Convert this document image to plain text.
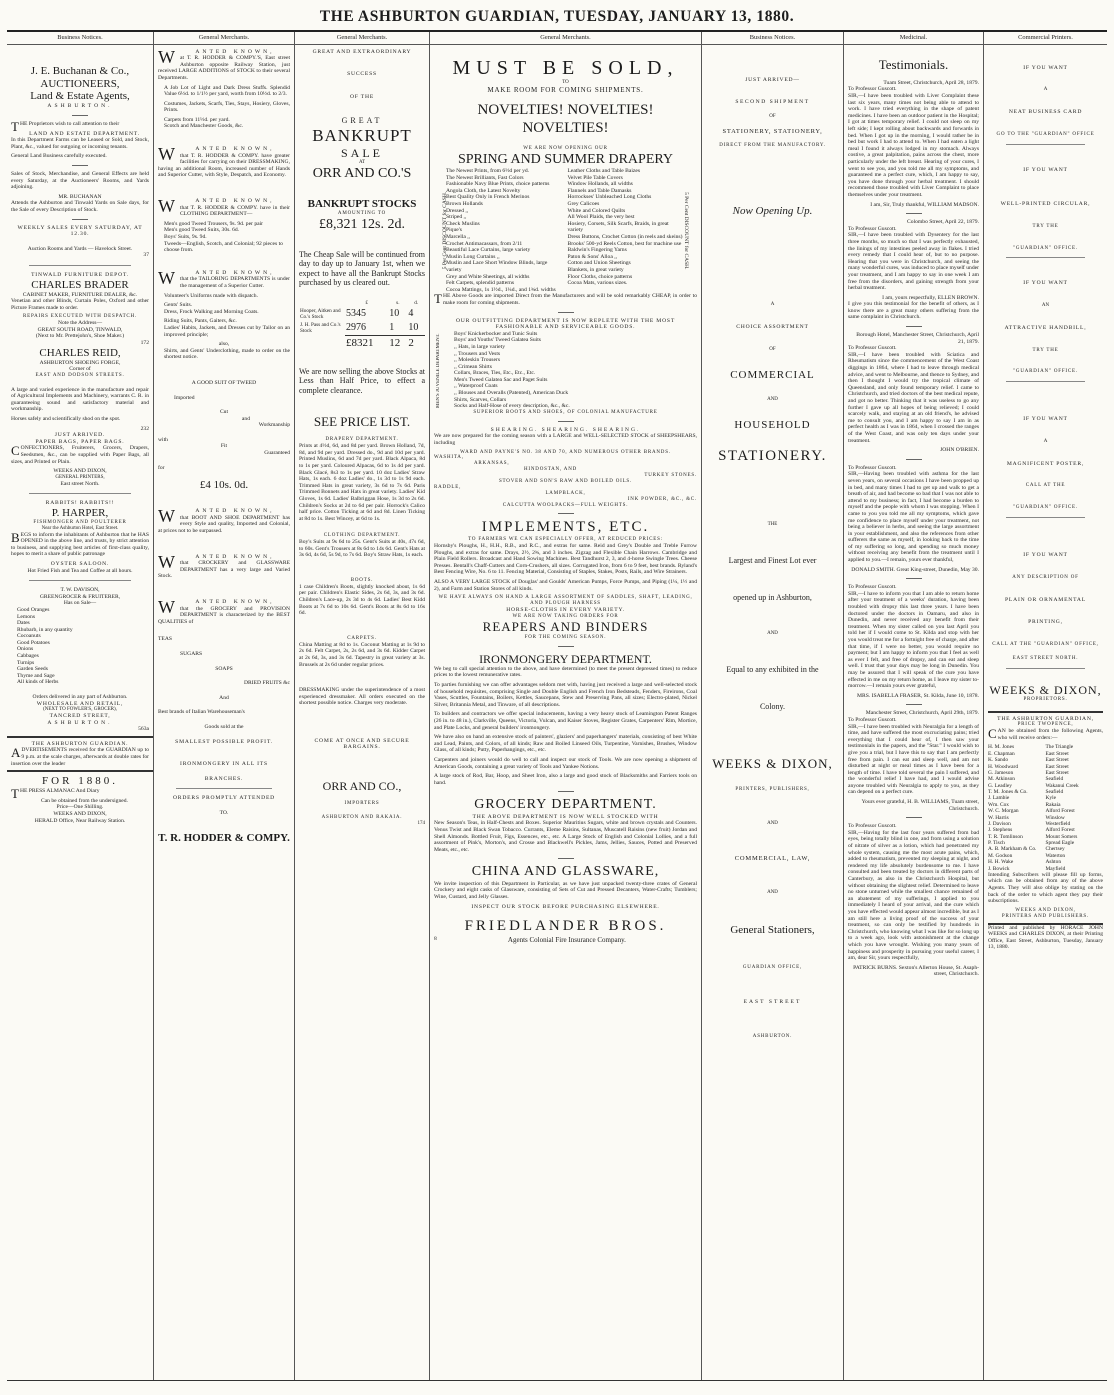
THE ASHBURTON GUARDIAN, TUESDAY, JANUARY 13, 1880.
Business Notices.
J. E. Buchanan & Co.,
AUCTIONEERS,
Land & Estate Agents,
ASHBURTON.

THE Proprietors wish to call attention to their

LAND AND ESTATE DEPARTMENT.

In this Department Farms can be Leased or Sold, and Stock, Plant, &c., valued for outgoing or incoming tenants.

General Land Business carefully executed.

Sales of Stock, Merchandise, and General Effects are held every Saturday, at the Auctioneers' Rooms, and Yards adjoining.

MR. BUCHANAN

Attends the Ashburton and Tinwald Yards on Sale days, for the Sale of every Description of Stock.

WEEKLY SALES EVERY SATURDAY, AT 12.30.
Auction Rooms and Yards — Havelock Street.
37
TINWALD FURNITURE DEPOT.
CHARLES BRADER
CABINET MAKER, FURNITURE DEALER, &c.

Venetian and other Blinds, Curtain Poles, Oxford and other Picture Frames made to order.

REPAIRS EXECUTED WITH DESPATCH.
Note the Address—
GREAT SOUTH ROAD, TINWALD,
(Next to Mr. Prettejohn's, Shoe Maker.)
172
CHARLES REID,
ASHBURTON SHOEING FORGE,
Corner of
EAST AND DODSON STREETS.

A large and varied experience in the manufacture and repair of Agricultural Implements and Machinery, warrants C. R. in guaranteeing sound and satisfactory material and workmanship.

Horses safely and scientifically shod on the spot.

232
JUST ARRIVED.
PAPER BAGS, PAPER BAGS.

CONFECTIONERS, Fruiterers, Grocers, Drapers, Seedsmen, &c., can be supplied with Paper Bags, all sizes, and Printed or Plain.

WEEKS AND DIXON,
GENERAL PRINTERS,
East street North.
RABBITS! RABBITS!!
P. HARPER,
FISHMONGER AND POULTERER
Near the Ashburton Hotel, East Street.

BEGS to inform the inhabitants of Ashburton that he HAS OPENED in the above line, and trusts, by strict attention to business, and supplying best articles of first-class quality, hopes to merit a share of public patronage

OYSTER SALOON.
Hot Fried Fish and Tea and Coffee at all hours.
T. W. DAVISON,
GREENGROCER & FRUITERER,
Has on Sale—
Good Oranges
Lemons
Dates
Rhubarb, in any quantity
Cocoanuts
Good Potatoes
Onions
Cabbages
Turnips
Garden Seeds
Thyme and Sage
All kinds of Herbs
Orders delivered in any part of Ashburton.
WHOLESALE AND RETAIL,
(NEXT TO FOWLER'S, GROCER),
TANCRED STREET,
ASHBURTON.
563a
THE ASHBURTON GUARDIAN.

ADVERTISEMENTS received for the GUARDIAN up to 9 p.m. at the scale charges, afterwards at double rates for insertion over the leader

FOR 1880.

THE PRESS ALMANAC And Diary

Can be obtained from the undersigned.
Price—One Shilling.
WEEKS AND DIXON,
HERALD Office, Near Railway Station.
General Merchants.
WANTED KNOWN,

at T. R. HODDER & COMPY.'S, East street Ashburton opposite Railway Station, just received LARGE ADDITIONS of STOCK to their several Departments.

A Job Lot of Light and Dark Dress Stuffs. Splendid Value 6½d. to 1/1½ per yard, worth from 10½d. to 2/3.

Costumes, Jackets, Scarfs, Ties, Stays, Hosiery, Gloves, Prints.

Carpets from 11½d. per yard.
Scotch and Manchester Goods, &c.
WANTED KNOWN,

that T. R. HODDER & COMPY. have greater facilities for carrying on their DRESSMAKING, having an additional Room, increased number of Hands and Superior Cutter, with Style, Despatch, and Economy.

WANTED KNOWN,

that T. R. HODDER & COMPY. have in their CLOTHING DEPARTMENT—

Men's good Tweed Trousers, 9s. 9d. per pair
Men's good Tweed Suits, 30s. 6d.
Boys' Suits, 9s. 9d.
Tweeds—English, Scotch, and Colonial; 92 pieces to choose from.
WANTED KNOWN,

that the TAILORING DEPARTMENTS is under the management of a Superior Cutter.

Volunteer's Uniforms made with dispatch.

Gents' Suits.

Dress, Frock Walking and Morning Coats.

Riding Suits, Pants, Gaiters, &c.

Ladies' Habits, Jackets, and Dresses cut by Tailor on an improved principle;

also,

Shirts, and Gents' Underclothing, made to order on the shortest notice.

A GOOD SUIT OF TWEED
Imported
Cut
and
Workmanship
with
Fit
Guaranteed
for
£4 10s. 0d.
WANTED KNOWN,

that BOOT AND SHOE DEPARTMENT has every Style and quality, Imported and Colonial, at prices not to be surpassed.

WANTED KNOWN,

that CROCKERY and GLASSWARE DEPARTMENT has a very large and Varied Stock.

WANTED KNOWN,

that the GROCERY and PROVISION DEPARTMENT is characterized by the BEST QUALITIES of

TEAS
SUGARS
SOAPS
DRIED FRUITS &c
And
Best brands of Italian Warehouseman's
Goods sold at the
SMALLEST POSSIBLE PROFIT.
IRONMONGERY IN ALL ITS
BRANCHES.
ORDERS PROMPTLY ATTENDED
TO.
T. R. HODDER & COMPY.
General Merchants.
GREAT AND EXTRAORDINARY
SUCCESS
OF THE
GREAT
BANKRUPT
SALE
AT
ORR AND CO.'S
BANKRUPT STOCKS
AMOUNTING TO
£8,321 12s. 2d.

The Cheap Sale will be continued from day to day up to January 1st, when we expect to have all the Bankrupt Stocks purchased by us cleared out.

	£	s.	d.
Hooper, Aitken and Co.'s Stock	5345	10	4
J. H. Pass and Co.'s Stock	2976	1	10
	£8321	12	2

We are now selling the above Stocks at Less than Half Price, to effect a complete clearance.

SEE PRICE LIST.
DRAPERY DEPARTMENT.

Prints at 4½d, 6d, and 8d per yard. Brown Holland, 7d, 8d, and 9d per yard. Dressed do., 9d and 10d per yard. Printed Muslins, 6d and 7d per yard. Black Alpaca, 8d to 1s per yard. Coloured Alpacas, 6d to 1s 4d per yard. Black Glacé, 8s3 to 1s per yard. 10 doz Ladies' Straw Hats, 1s each. 6 doz Ladies' do., 1s 3d to 1s 9d each. Trimmed Hats in great variety, 3s 6d to 7s 6d. Paris Trimmed Bonnets and Hats in great variety. Ladies' Kid Gloves, 1s 6d. Ladies' Balbriggan Hose, 1s 3d to 2s 6d. Children's Socks at 2d to 6d per pair. Horrock's Calico half price. Cotton Ticking at 6d and 8d. Linen Ticking at 8d to 1s. Best Wincey, at 6d to 1s.

CLOTHING DEPARTMENT.

Boy's Suits at 9s 6d to 25s. Gent's Suits at 40s, 47s 6d, to 60s. Gent's Trousers at 8s 6d to 14s 6d. Gent's Hats at 3s 6d, 4s 6d, 5s 9d, to 7s 6d. Boy's Straw Hats, 1s each.

BOOTS.

1 case Children's Boots, slightly knocked about, 1s 6d per pair. Children's Elastic Sides, 2s 6d, 3s, and 3s 6d. Children's Lace-up, 2s 3d to 4s 6d. Ladies' Best Kidd Boots at 7s 6d to 10s 6d. Gent's Boots at 8s 6d to 16s 6d.

CARPETS.

China Matting at 8d to 1s. Coconut Matting at 1s 9d to 2s 6d. Felt Carpet, 2s, 2s 6d, and 3s 6d. Kidder Carpet at 2s 6d, 3s, and 3s 6d. Tapestry in great variety at 3s. Brussels at 2s 6d under regular prices.

DRESSMAKING under the superintendence of a most experienced dressmaker. All orders executed on the shortest possible notice. Charges very moderate.

COME AT ONCE AND SECURE BARGAINS.
ORR AND CO.,
IMPORTERS
ASHBURTON AND RAKAIA.
174
General Merchants.
MUST BE SOLD,
TO
MAKE ROOM FOR COMING SHIPMENTS.
NOVELTIES! NOVELTIES! NOVELTIES!
WE ARE NOW OPENING OUR
SPRING AND SUMMER DRAPERY
5 Per Cent DISCOUNT for CASH.	5 Per Cent DISCOUNT for CASH.
The Newest Prints, from 6½d per yd.
The Newest Brilliants, Fast Colors
Fashionable Navy Blue Prints, choice patterns
Angola Cloth, the Latest Novelty
Best Quality Only in French Merinos
Brown Hollands
Dressed ,,
Striped ,,
Check Muslins
Pique's
Marcella ,,
Crochet Antimacassars, from 2/11
Beautiful Lace Curtains, large variety
Muslin Long Curtains ,,
Muslin and Lace Short Window Blinds, large variety
Grey and White Sheetings, all widths
Felt Carpets, splendid patterns
Cocoa Mattings, 1s 1½d., 1¼d., and 1¾d. widths
Leather Cloths and Table Baizes
Velvet Pile Table Covers
Window Hollands, all widths
Flannels and Table Damasks
Horrockses' Unbleached Long Cloths
Grey Calicoes
White and Colored Quilts
All Wool Plaids, the very best
Hosiery, Corsets, Silk Scarfs, Braids, in great variety
Dress Buttons, Crochet Cotton (in reels and skeins)
Brooks' 500-yd Reels Cotton, best for machine use
Baldwin's Fingering Yarns
Paton & Sons' Alloa ,,
Cotton and Union Sheetings
Blankets, in great variety
Floor Cloths, choice patterns
Cocoa Mats, various sizes.

THE Above Goods are imported Direct from the Manufacturers and will be sold remarkably CHEAP, in order to make room for coming shipments.

OUR OUTFITTING DEPARTMENT IS NOW REPLETE WITH THE MOST FASHIONABLE AND SERVICEABLE GOODS.
MEN'S JUVENILE DEPARTMENT.	Boys' Knickerbocker and Tunic Suits
Boys' and Youths' Tweed Galatea Suits
,, Hats, in large variety
,, Trousers and Vests
,, Moleskin Trousers
,, Crimean Shirts
Collars, Braces, Ties, Etc., Etc., Etc.
Men's Tweed Galatea Sac and Paget Suits
,, Waterproof Coats
,, Blouses and Overalls (Patented), American Duck
Shirts, Scarves, Collars
Socks and Half-Hose of every description, &c., &c.
SUPERIOR BOOTS AND SHOES, OF COLONIAL MANUFACTURE
SHEARING. SHEARING. SHEARING.

We are now prepared for the coming season with a LARGE and WELL-SELECTED STOCK of SHEEPSHEARS, including

WARD AND PAYNE'S NO. 38 AND 70, AND NUMEROUS OTHER BRANDS.
WASHITA,
ARKANSAS,
HINDOSTAN, AND
TURKEY STONES.
STOVER AND SON'S RAW AND BOILED OILS.
RADDLE,
LAMPBLACK,
INK POWDER, &C., &C.
CALCUTTA WOOLPACKS—FULL WEIGHTS.
IMPLEMENTS, ETC.
TO FARMERS WE CAN ESPECIALLY OFFER, AT REDUCED PRICES:

Hornsby's Ploughs, H., H.H., R.B., and R.C., and extras for same. Reid and Grey's Double and Treble Furrow Ploughs, and extras for same. Drays, 2½, 2¾, and 3 inches. Zigzag and Flexible Chain Harrows. Cambridge and Plain Field Rollers. Broadcast and Hand Sowing Machines. Best Tandhurst 2, 3, and 4-horse Swingle Trees. Cheese Presses. Bentall's Chaff-Cutters and Corn-Crushers, all sizes. Corrugated Iron, from 6 to 9 feet, best brands. Ryland's Best Fencing Wire, No. 6 to 11. Fencing Material, Consisting of Staples, Stakes, Posts, Rails, and Wire Strainers.

ALSO A VERY LARGE STOCK of Douglas' and Goulds' American Pumps, Force Pumps, and Piping (1¼, 1½ and 2), and Farm and Station Stores of all kinds.

WE HAVE ALWAYS ON HAND A LARGE ASSORTMENT OF SADDLES, SHAFT, LEADING, AND PLOUGH HARNESS
HORSE-CLOTHS IN EVERY VARIETY.
WE ARE NOW TAKING ORDERS FOR
REAPERS AND BINDERS
FOR THE COMING SEASON.
IRONMONGERY DEPARTMENT.

We beg to call special attention to the above, and have determined (to meet the present depressed times) to reduce prices to the lowest remunerative rates.

To parties furnishing we can offer advantages seldom met with, having just received a large and well-selected stock of household requisites, comprising Single and Double English and French Iron Bedsteads, Fenders, Fireirons, Coal Vases, Scuttles, Fountains, Boilers, Kettles, Saucepans, Stew and Preserving Pans, all sizes; Electro-plated, Nickel Silver, Britannia Metal, and Tinware, of all descriptions.

To builders and contractors we offer special inducements, having a very heavy stock of Leamington Patent Ranges (26 in. to 48 in.), Clarkville, Queens, Victoria, Vulcan, and Kaiser Stoves, Register Grates, Carpenters' Rim, Mortice, and Plate Locks, and general builders' ironmongery.

We have also on hand an extensive stock of painters', glaziers' and paperhangers' materials, consisting of best White and Lead, Paints, and Colors, of all kinds; Raw and Boiled Linseed Oils, Turpentine, Varnishes, Brushes, Window Glass, of all kinds; Putty, Paperhangings, etc., etc.

Carpenters and joiners would do well to call and inspect our stock of Tools. We are now opening a shipment of American Goods, containing a great variety of Tools and Yankee Notions.

A large stock of Rod, Bar, Hoop, and Sheet Iron, also a large and good stock of Blacksmiths and Farriers tools on hand.

GROCERY DEPARTMENT.
THE ABOVE DEPARTMENT IS NOW WELL STOCKED WITH

New Season's Teas, in Half-Chests and Boxes. Superior Mauritius Sugars, white and brown crystals and Counters. Venus Twist and Black Swan Tobacco. Currants, Eleme Raisins, Sultanas, Muscatell Raisins (new fruit) Jordan and Shell Almonds. Bottled Fruit, Figs, Essences, etc., etc. A Large Stock of English and Colonial Lollies, and a full assortment of Pink's, Morton's, and Crosse and Blackwell's Pickles, Jams, Jellies, Sauces, Potted and Preserved Meats, etc., etc.

CHINA AND GLASSWARE,

We invite inspection of this Department in Particular, as we have just unpacked twenty-three crates of General Crockery and eight casks of Glassware, consisting of Sets of Cut and Pressed Decanters, Water-Crafts; Tumblers; Wine, Custard, and Jelly Glasses.

INSPECT OUR STOCK BEFORE PURCHASING ELSEWHERE.
FRIEDLANDER BROS.
8	Agents Colonial Fire Insurance Company.
Business Notices.
JUST ARRIVED—
SECOND SHIPMENT
OF
STATIONERY, STATIONERY,
DIRECT FROM THE MANUFACTORY.
Now Opening Up.
A
CHOICE ASSORTMENT
OF
COMMERCIAL
AND
HOUSEHOLD
STATIONERY.
THE
Largest and Finest Lot ever
opened up in Ashburton,
AND
Equal to any exhibited in the
Colony.
WEEKS & DIXON,
PRINTERS, PUBLISHERS,
AND
COMMERCIAL, LAW,
AND
General Stationers,
GUARDIAN OFFICE,
EAST STREET
ASHBURTON.
Medicinal.
Testimonials.
Tuam Street, Christchurch, April 28, 1879.
To Professor Guscott.

SIR,—I have been troubled with Liver Complaint these last six years, many times not being able to attend to work. I have tried everything in the shape of patent medicines. I have been an outdoor patient in the Hospital; I got at times temporary relief. I could not sleep on my left side; I kept rolling about backwards and forwards in bed. When I got up in the morning, I would rather be in bed but work I had to attend to. When I had eaten a light meal I found it always lodged in my stomach. Always costive, a great palpitation, pains across the chest, more particularly under the left breast. Hearing of your cures, I went to see you, and you told me all my symptoms, and guaranteed me a perfect cure, which, I am happy to say, you have done through your herbal treatment. I should recommend those troubled with Liver Complaint to place themselves under your treatment.

I am, Sir, Truly thankful, WILLIAM MADSON.
Colombo Street, April 22, 1879.
To Professor Guscott.

SIR,—I have been troubled with Dysentery for the last three months, so much so that I was perfectly exhausted, the linings of my intestines peeled away in flakes. I tried every remedy that I could hear of, but to no purpose. Hearing that you were in Christchurch, and seeing the many wonderful cures, was induced to place myself under your treatment, and I am happy to say in one week I am free from the disorders, and gaining strength from your herbal treatment.

I am, yours respectfully, ELLEN BROWN.

I give you this testimonial for the benefit of others, as I know there are a great many others suffering from the same complaint in Christchurch.

Borough Hotel, Manchester Street, Christchurch, April 21, 1879.
To Professor Guscott.

SIR,—I have been troubled with Sciatica and Rheumatism since the commencement of the West Coast diggings in 1864, where I had to leave through medical advice, and went to Melbourne, and thence to Sydney, and then I thought I would try the tropical climate of Queensland, and only found temporary relief. I came to Christchurch, and tried doctors of the best medical repute, and got no better. Thinking that it was useless to go any further I gave up all hopes of being relieved; I could scarcely walk, and staying at an old friend's, he advised me to consult you, and I am happy to say I am in as perfect health as I was in 1864, when I crossed the ranges of the West Coast, and was only ten days under your treatment.

JOHN O'BRIEN.
To Professor Guscott.

SIR,—Having been troubled with asthma for the last seven years, on several occasions I have been propped up in bed, and many times I had to get up and walk to get a breath of air, and had become so bad that I was not able to attend to my business; in fact, I had become a burden to myself and the people with whom I was stopping. When I came to you you told me all my symptoms, which gave me confidence to place myself under your treatment, not being a believer in herbs, and seeing the large assortment in your establishment, and also the references from other sufferers the same as myself, in looking back to the time of my suffering so long, and spending so much money without receiving any benefit from the treatment until I applied to you.—I remain, yours ever thankful,

DONALD SMITH. Great King-street, Dunedin, May 30.
To Professor Guscott.

SIR,—I have to inform you that I am able to return home after your treatment of a weeks' duration, having been troubled with dropsy this last three years. I have been doctored under the doctors in Oamaru, and also in Dunedin, and never received any benefit from their treatment. When my sister called on you last April you told her if I would come to St. Kilda and stop with her you would treat me for a fortnight free of charge, and after that time, if I were no better, you would require no payment; but I am happy to inform you that I feel as well as ever I felt, and free of dropsy, and can eat and sleep well. I trust that your days may be long in Dunedin. You may be assured that I will speak of the cure you have effected in me on my return home, as I leave my sister to-morrow.—I remain yours ever grateful,

MRS. ISABELLA FRASER, St. Kilda, June 10, 1878.
Manchester Street, Christchurch, April 29th, 1879.
To Professor Guscott.

SIR,—I have been troubled with Neuralgia for a length of time, and have suffered the most excruciating pains; tried everything that I could hear of, I then saw your testimonials in the papers, and the "Star." I would wish to give you a trial, but I have this to say that I am perfectly free from pain. I can eat and sleep well, and am not disturbed at night or meal times as I have been for a length of time. I have told several the pain I suffered, and the wonderful relief I have had, and I would advise anyone troubled with Neuralgia to apply to you, as they can depend on a perfect cure.

Yours ever grateful, H. B. WILLIAMS, Tuam street, Christchurch.
To Professor Guscott.

SIR,—Having for the last four years suffered from bad eyes, being totally blind in one, and from using a solution of nitrate of silver as a lotion, which had penetrated my whole system, causing me the most acute pains, which, added to rheumatism, prevented my sleeping at night, and rendered my life absolutely burdensome to me. I have consulted and been treated by doctors in different parts of Canterbury, as also in the Christchurch Hospital, but without obtaining the slightest relief. Determined to leave no stone unturned while the smallest chance remained of an abatement of my sufferings, I applied to you immediately I heard of your arrival, and the cure which you have effected would appear almost incredible, but as I am still here a living proof of the success of your treatment, so can only be testified by hundreds in Christchurch, who knowing what I was like for so long up to a week ago, look with astonishment at the change which you have wrought. Wishing you many years of happiness and prosperity in pursuing your useful career, I am, dear Sir, yours respectfully,

PATRICK BURNS. Sexton's Allerton House, St. Asaph-street, Christchurch.
Commercial Printers.
IF YOU WANT
A
NEAT BUSINESS CARD
GO TO THE "GUARDIAN" OFFICE
IF YOU WANT
WELL-PRINTED CIRCULAR,
TRY THE
"GUARDIAN" OFFICE.
IF YOU WANT
AN
ATTRACTIVE HANDBILL,
TRY THE
"GUARDIAN" OFFICE.
IF YOU WANT
A
MAGNIFICENT POSTER,
CALL AT THE
"GUARDIAN" OFFICE.
IF YOU WANT
ANY DESCRIPTION OF
PLAIN OR ORNAMENTAL
PRINTING,
CALL AT THE "GUARDIAN" OFFICE,
EAST STREET NORTH.
WEEKS & DIXON,
PROPRIETORS.
THE ASHBURTON GUARDIAN,
PRICE TWOPENCE,

CAN be obtained from the following Agents, who will receive orders:—

H. M. Jones	The Triangle
E. Chapman	East Street
K. Sando	East Street
H. Woodward	East Street
G. Jameson	East Street
M. Atkinson	Seafield
G. Leadley	Wakanui Creek
T. M. Jones & Co.	Seafield
J. Lambie	Kyle
Wm. Cox	Rakaia
W. C. Morgan	Alford Forest
W. Harris	Winslow
J. Davison	Westerfield
J. Stephens	Alford Forest
T. R. Tomlinson	Mount Somers
P. Tisch	Spread Eagle
A. B. Markham & Co.	Chertsey
M. Godson	Waterton
H. H. Wake	Ashton
J. Bowick	Mayfield

Intending Subscribers will please fill up forms, which can be obtained from any of the above Agents. They will also oblige by stating on the back of the order to which agent they pay their subscriptions.

WEEKS AND DIXON,
PRINTERS AND PUBLISHERS.

Printed and published by HORACE JOHN WEEKS and CHARLES DIXON, at their Printing Office, East Street, Ashburton, Tuesday, January 13, 1880.
